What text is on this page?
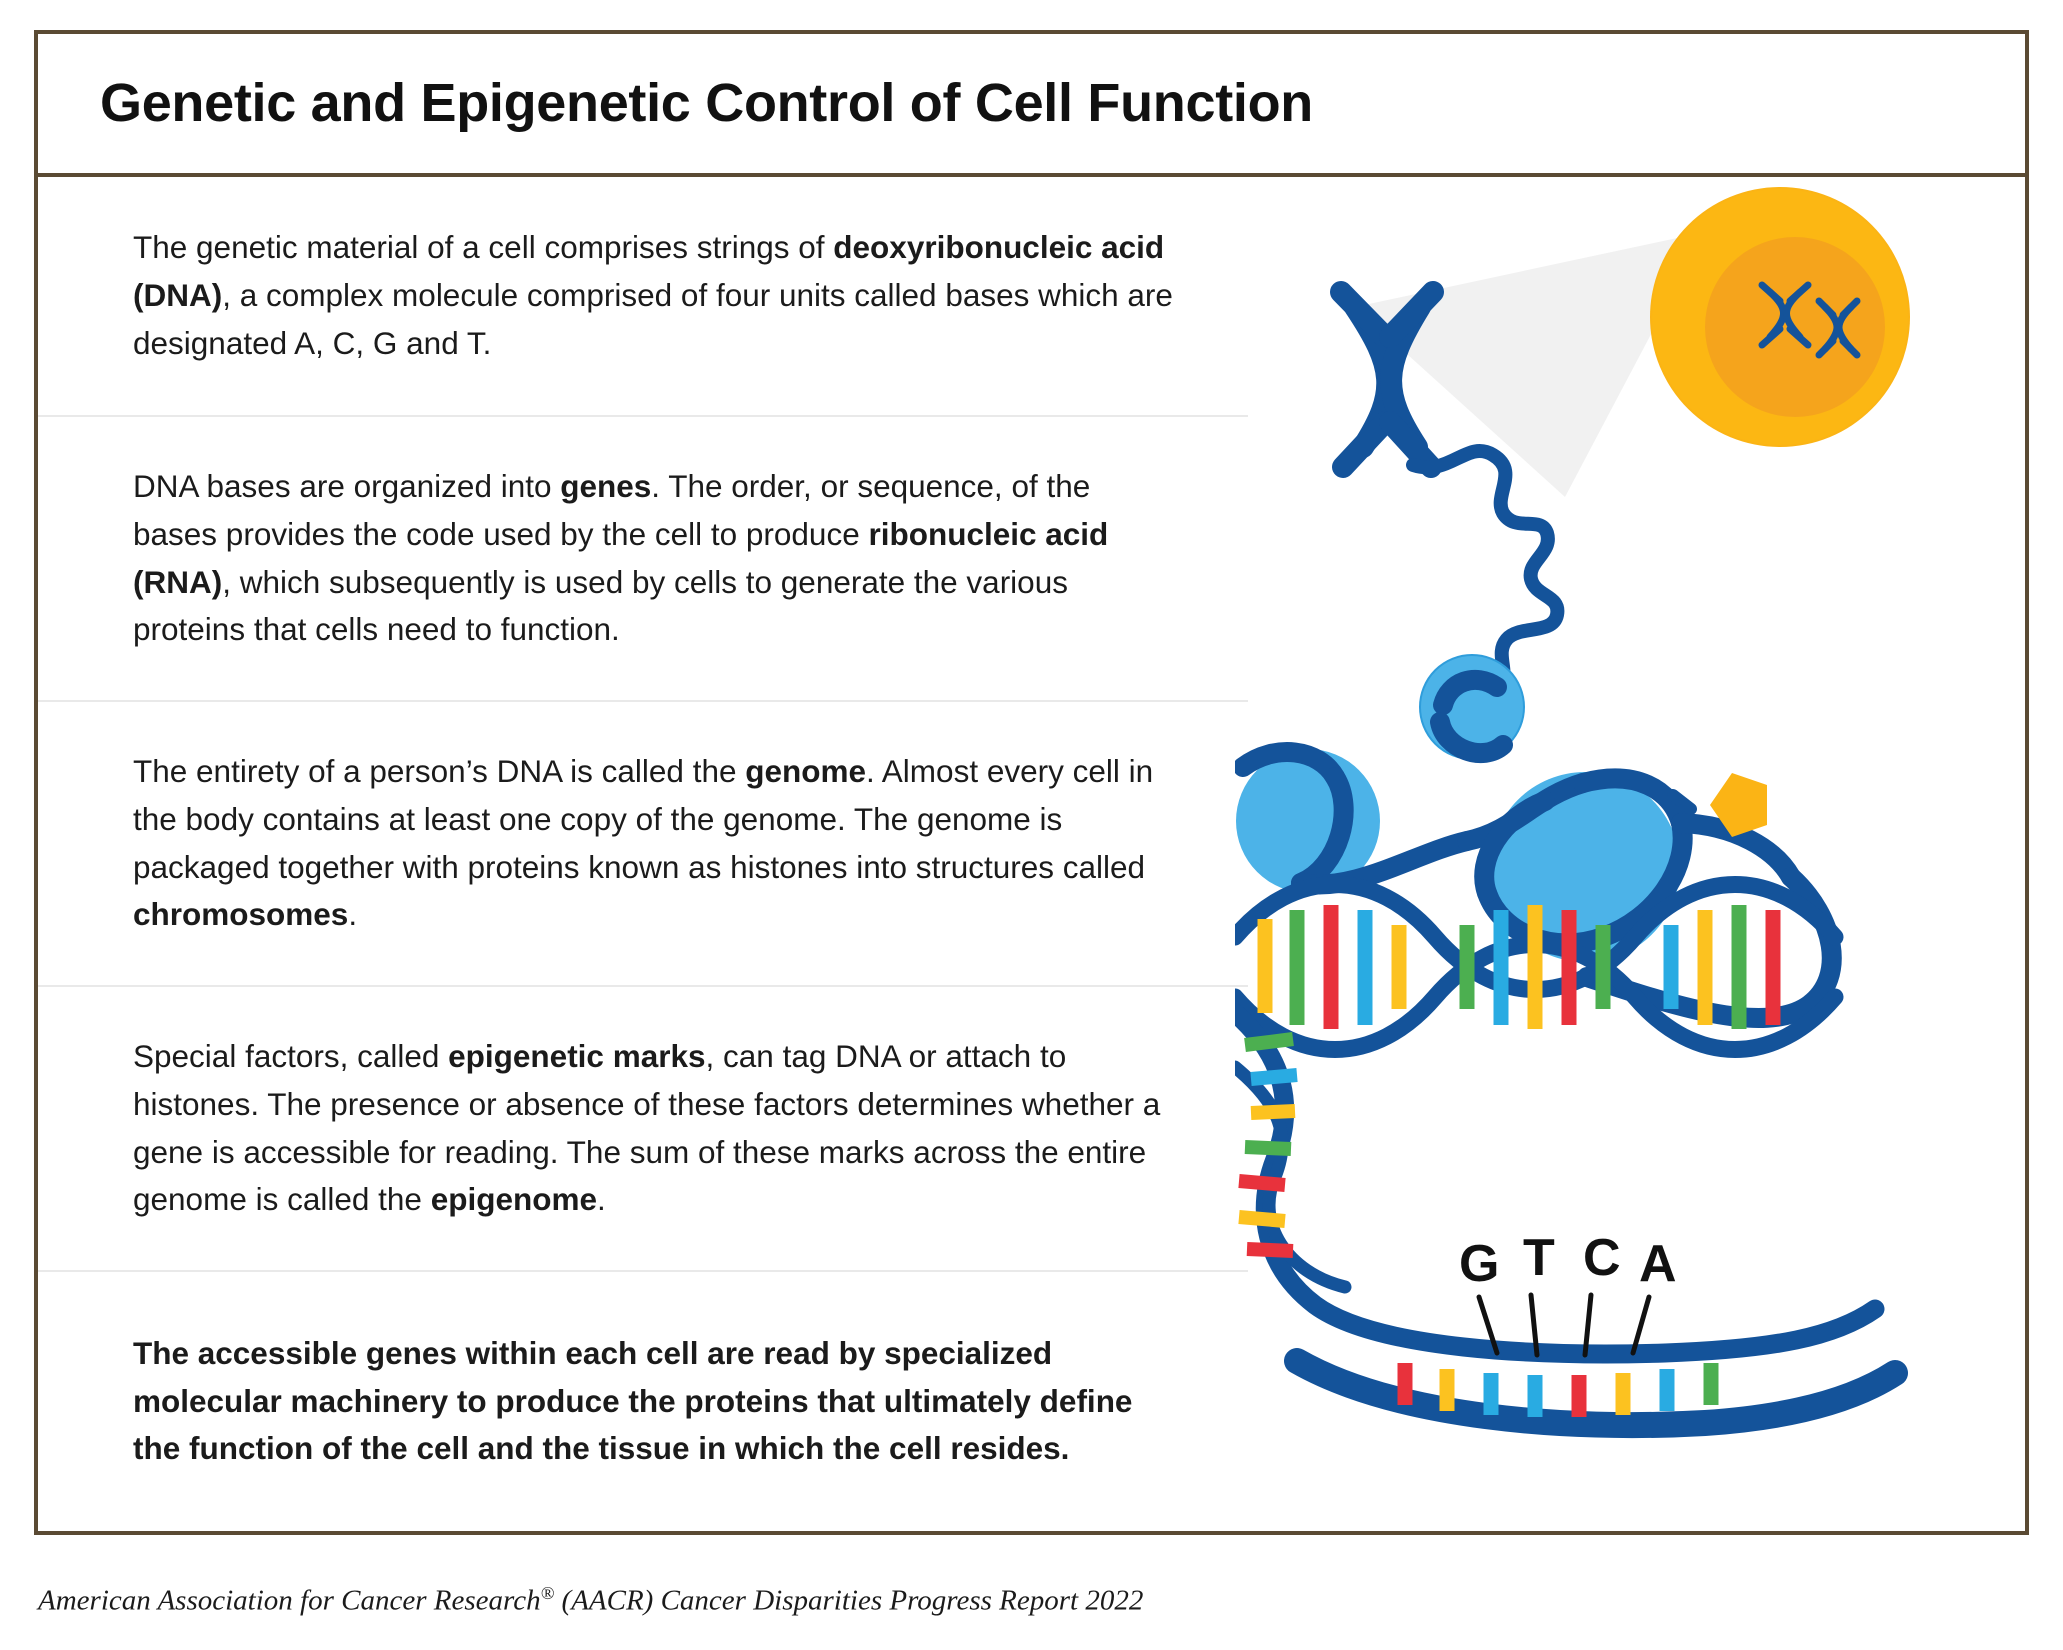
Genetic and Epigenetic Control of Cell Function

The genetic material of a cell comprises strings of deoxyribonucleic acid (DNA), a complex molecule comprised of four units called bases which are designated A, C, G and T.

DNA bases are organized into genes. The order, or sequence, of the bases provides the code used by the cell to produce ribonucleic acid (RNA), which subsequently is used by cells to generate the various proteins that cells need to function.

The entirety of a person’s DNA is called the genome. Almost every cell in the body contains at least one copy of the genome. The genome is packaged together with proteins known as histones into structures called chromosomes.

Special factors, called epigenetic marks, can tag DNA or attach to histones. The presence or absence of these factors determines whether a gene is accessible for reading. The sum of these marks across the entire genome is called the epigenome.

The accessible genes within each cell are read by specialized molecular machinery to produce the proteins that ultimately define the function of the cell and the tissue in which the cell resides.

G T C A
American Association for Cancer Research® (AACR) Cancer Disparities Progress Report 2022
